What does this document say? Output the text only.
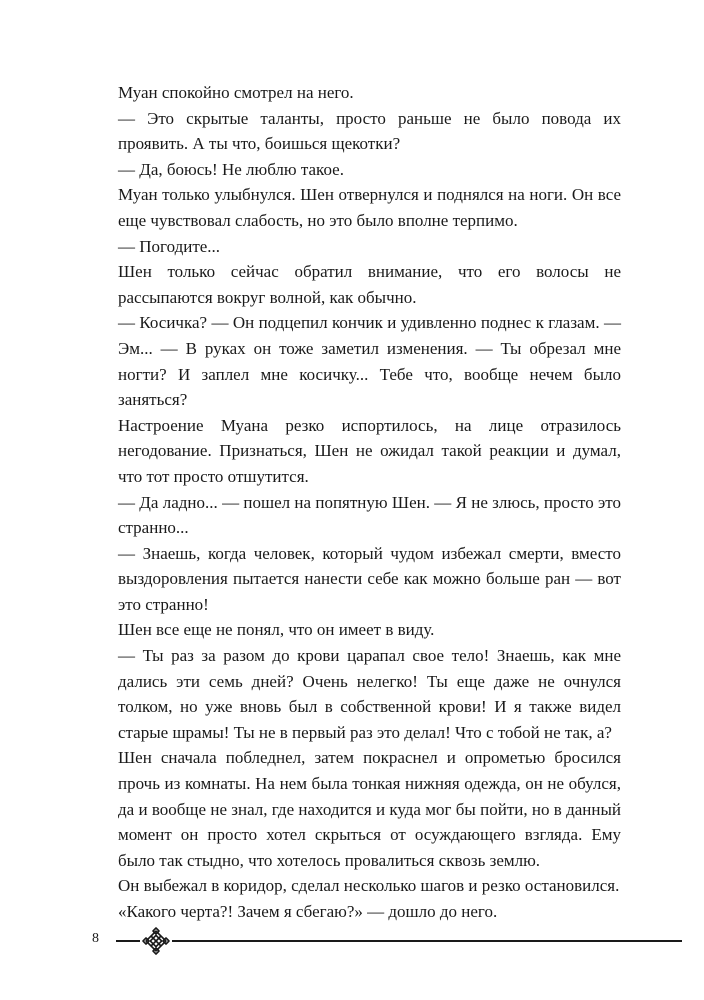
Муан спокойно смотрел на него.

— Это скрытые таланты, просто раньше не было повода их проявить. А ты что, боишься щекотки?

— Да, боюсь! Не люблю такое.

Муан только улыбнулся. Шен отвернулся и поднялся на ноги. Он все еще чувствовал слабость, но это было вполне терпимо.

— Погодите...

Шен только сейчас обратил внимание, что его волосы не рассыпаются вокруг волной, как обычно.

— Косичка? — Он подцепил кончик и удивленно поднес к глазам. — Эм... — В руках он тоже заметил изменения. — Ты обрезал мне ногти? И заплел мне косичку... Тебе что, вообще нечем было заняться?

Настроение Муана резко испортилось, на лице отразилось негодование. Признаться, Шен не ожидал такой реакции и думал, что тот просто отшутится.

— Да ладно... — пошел на попятную Шен. — Я не злюсь, просто это странно...

— Знаешь, когда человек, который чудом избежал смерти, вместо выздоровления пытается нанести себе как можно больше ран — вот это странно!

Шен все еще не понял, что он имеет в виду.

— Ты раз за разом до крови царапал свое тело! Знаешь, как мне дались эти семь дней? Очень нелегко! Ты еще даже не очнулся толком, но уже вновь был в собственной крови! И я также видел старые шрамы! Ты не в первый раз это делал! Что с тобой не так, а?

Шен сначала побледнел, затем покраснел и опрометью бросился прочь из комнаты. На нем была тонкая нижняя одежда, он не обулся, да и вообще не знал, где находится и куда мог бы пойти, но в данный момент он просто хотел скрыться от осуждающего взгляда. Ему было так стыдно, что хотелось провалиться сквозь землю.

Он выбежал в коридор, сделал несколько шагов и резко остановился.

«Какого черта?! Зачем я сбегаю?» — дошло до него.

8
